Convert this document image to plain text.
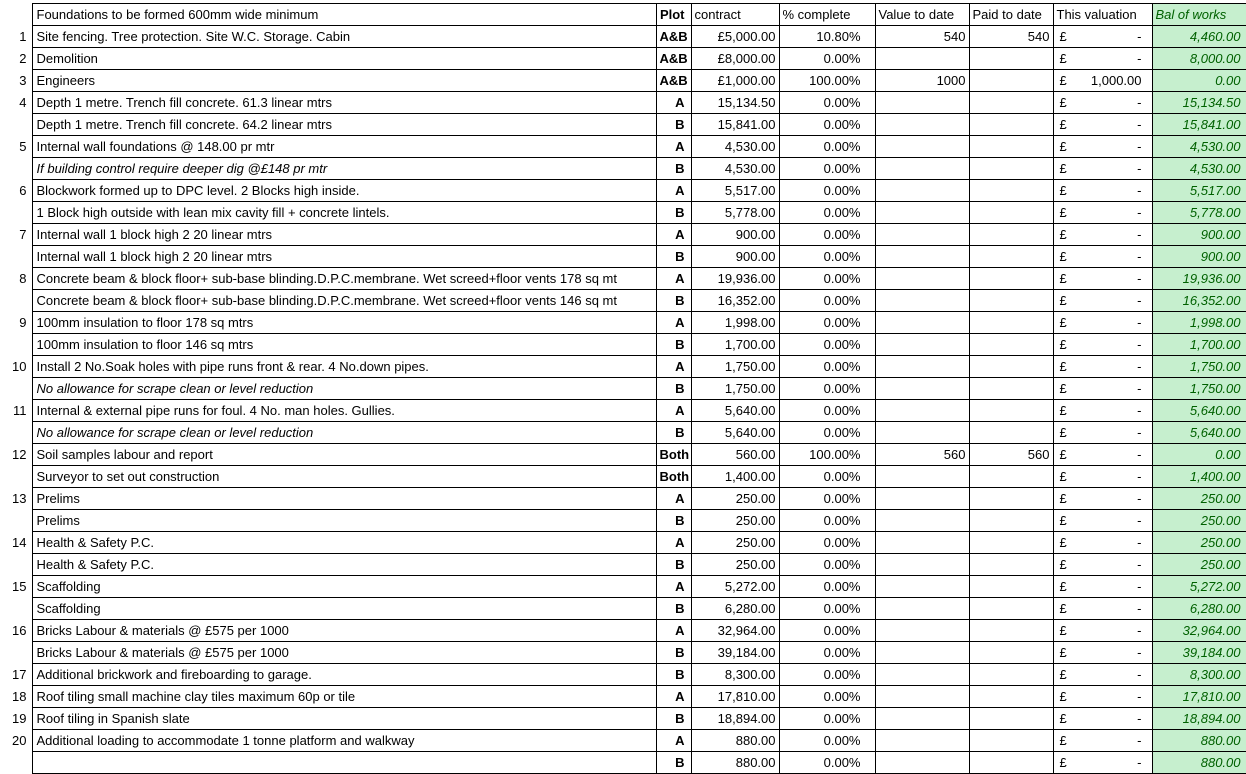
	Foundations to be formed 600mm wide minimum	Plot	contract	% complete	Value to date	Paid to date	This valuation	Bal of works
1	Site fencing. Tree protection. Site W.C. Storage. Cabin	A&B	£5,000.00	10.80%	540	540	£ -	4,460.00
2	Demolition	A&B	£8,000.00	0.00%			£ -	8,000.00
3	Engineers	A&B	£1,000.00	100.00%	1000		£ 1,000.00	0.00
4	Depth 1 metre. Trench fill concrete. 61.3 linear mtrs	A	15,134.50	0.00%			£ -	15,134.50
	Depth 1 metre. Trench fill concrete. 64.2 linear mtrs	B	15,841.00	0.00%			£ -	15,841.00
5	Internal wall foundations @ 148.00 pr mtr	A	4,530.00	0.00%			£ -	4,530.00
	If building control require deeper dig @£148 pr mtr	B	4,530.00	0.00%			£ -	4,530.00
6	Blockwork formed up to DPC level. 2 Blocks high inside.	A	5,517.00	0.00%			£ -	5,517.00
	1 Block high outside with lean mix cavity fill + concrete lintels.	B	5,778.00	0.00%			£ -	5,778.00
7	Internal wall 1 block high 2 20 linear mtrs	A	900.00	0.00%			£ -	900.00
	Internal wall 1 block high 2 20 linear mtrs	B	900.00	0.00%			£ -	900.00
8	Concrete beam & block floor+ sub-base blinding.D.P.C.membrane. Wet screed+floor vents 178 sq mt	A	19,936.00	0.00%			£ -	19,936.00
	Concrete beam & block floor+ sub-base blinding.D.P.C.membrane. Wet screed+floor vents 146 sq mt	B	16,352.00	0.00%			£ -	16,352.00
9	100mm insulation to floor 178 sq mtrs	A	1,998.00	0.00%			£ -	1,998.00
	100mm insulation to floor 146 sq mtrs	B	1,700.00	0.00%			£ -	1,700.00
10	Install 2 No.Soak holes with pipe runs front & rear. 4 No.down pipes.	A	1,750.00	0.00%			£ -	1,750.00
	No allowance for scrape clean or level reduction	B	1,750.00	0.00%			£ -	1,750.00
11	Internal & external pipe runs for foul. 4 No. man holes. Gullies.	A	5,640.00	0.00%			£ -	5,640.00
	No allowance for scrape clean or level reduction	B	5,640.00	0.00%			£ -	5,640.00
12	Soil samples labour and report	Both	560.00	100.00%	560	560	£ -	0.00
	Surveyor to set out construction	Both	1,400.00	0.00%			£ -	1,400.00
13	Prelims	A	250.00	0.00%			£ -	250.00
	Prelims	B	250.00	0.00%			£ -	250.00
14	Health & Safety P.C.	A	250.00	0.00%			£ -	250.00
	Health & Safety P.C.	B	250.00	0.00%			£ -	250.00
15	Scaffolding	A	5,272.00	0.00%			£ -	5,272.00
	Scaffolding	B	6,280.00	0.00%			£ -	6,280.00
16	Bricks Labour & materials @ £575 per 1000	A	32,964.00	0.00%			£ -	32,964.00
	Bricks Labour & materials @ £575 per 1000	B	39,184.00	0.00%			£ -	39,184.00
17	Additional brickwork and fireboarding to garage.	B	8,300.00	0.00%			£ -	8,300.00
18	Roof tiling small machine clay tiles maximum 60p or tile	A	17,810.00	0.00%			£ -	17,810.00
19	Roof tiling in Spanish slate	B	18,894.00	0.00%			£ -	18,894.00
20	Additional loading to accommodate 1 tonne platform and walkway	A	880.00	0.00%			£ -	880.00
		B	880.00	0.00%			£ -	880.00
